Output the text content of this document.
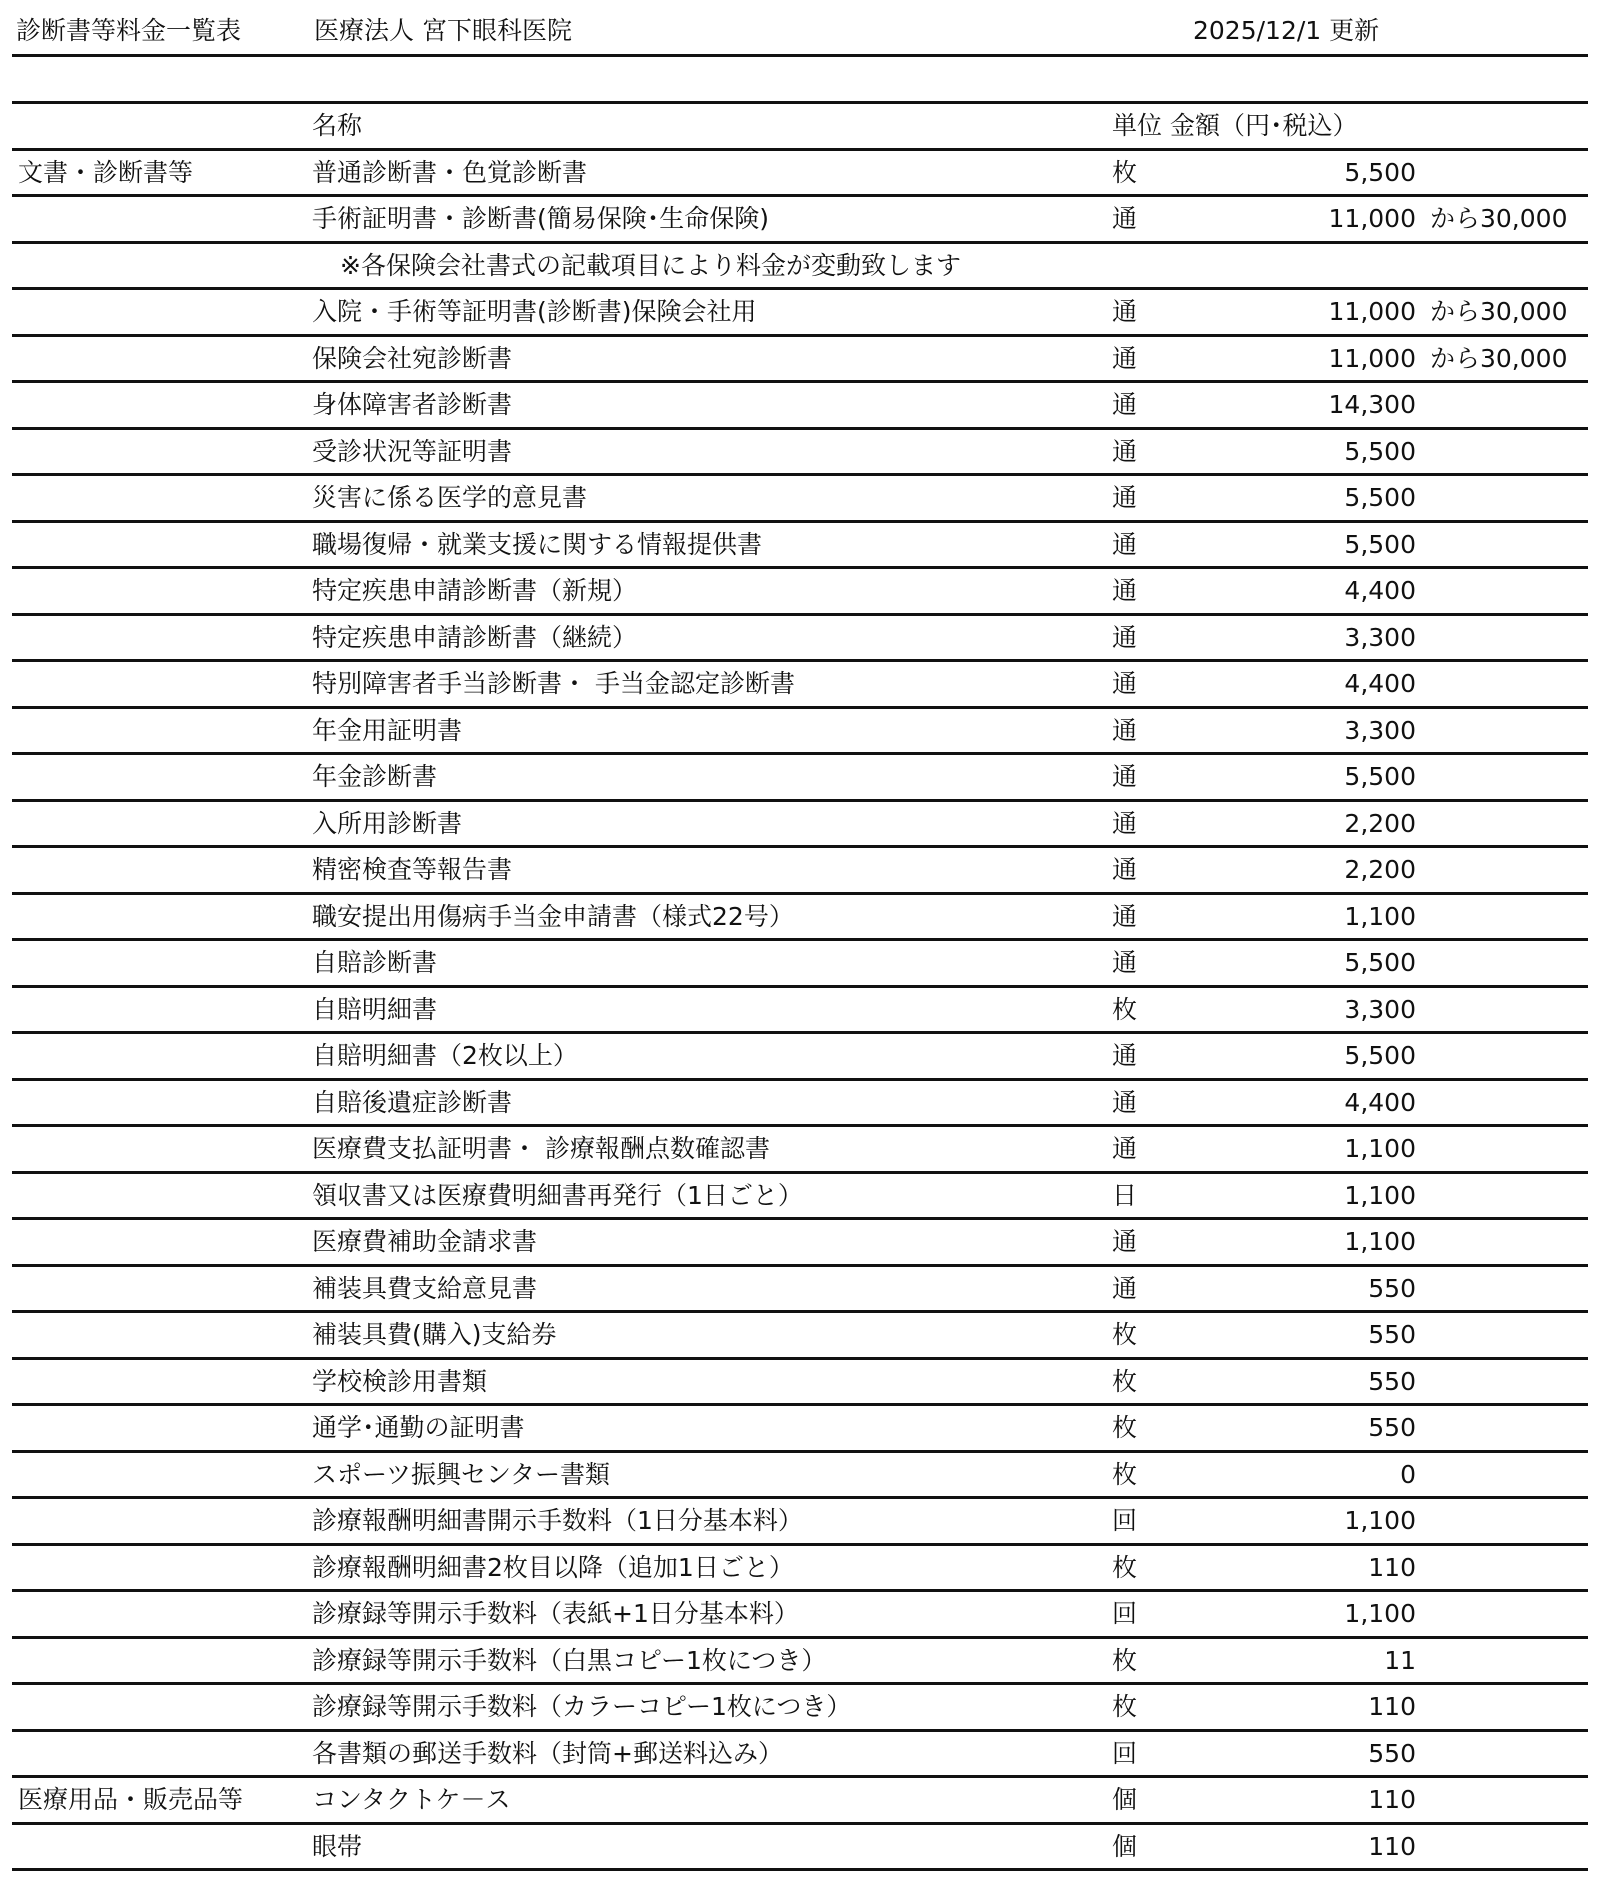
診断書等料金一覧表	医療法人 宮下眼科医院	2025/12/1 更新
名称	単位 金額（円･税込）
文書・診断書等	普通診断書・色覚診断書	枚	5,500
手術証明書・診断書(簡易保険･生命保険)	通	11,000 から30,000
※各保険会社書式の記載項目により料金が変動致します
入院・手術等証明書(診断書)保険会社用	通	11,000 から30,000
保険会社宛診断書	通	11,000 から30,000
身体障害者診断書	通	14,300
受診状況等証明書	通	5,500
災害に係る医学的意見書	通	5,500
職場復帰・就業支援に関する情報提供書	通	5,500
特定疾患申請診断書（新規）	通	4,400
特定疾患申請診断書（継続）	通	3,300
特別障害者手当診断書・ 手当金認定診断書	通	4,400
年金用証明書	通	3,300
年金診断書	通	5,500
入所用診断書	通	2,200
精密検査等報告書	通	2,200
職安提出用傷病手当金申請書（様式22号）	通	1,100
自賠診断書	通	5,500
自賠明細書	枚	3,300
自賠明細書（2枚以上）	通	5,500
自賠後遺症診断書	通	4,400
医療費支払証明書・ 診療報酬点数確認書	通	1,100
領収書又は医療費明細書再発行（1日ごと）	日	1,100
医療費補助金請求書	通	1,100
補装具費支給意見書	通	550
補装具費(購入)支給券	枚	550
学校検診用書類	枚	550
通学･通勤の証明書	枚	550
スポーツ振興センター書類	枚	0
診療報酬明細書開示手数料（1日分基本料）	回	1,100
診療報酬明細書2枚目以降（追加1日ごと）	枚	110
診療録等開示手数料（表紙+1日分基本料）	回	1,100
診療録等開示手数料（白黒コピー1枚につき）	枚	11
診療録等開示手数料（カラーコピー1枚につき）	枚	110
各書類の郵送手数料（封筒+郵送料込み）	回	550
医療用品・販売品等	コンタクトケ－ス	個	110
眼帯	個	110
